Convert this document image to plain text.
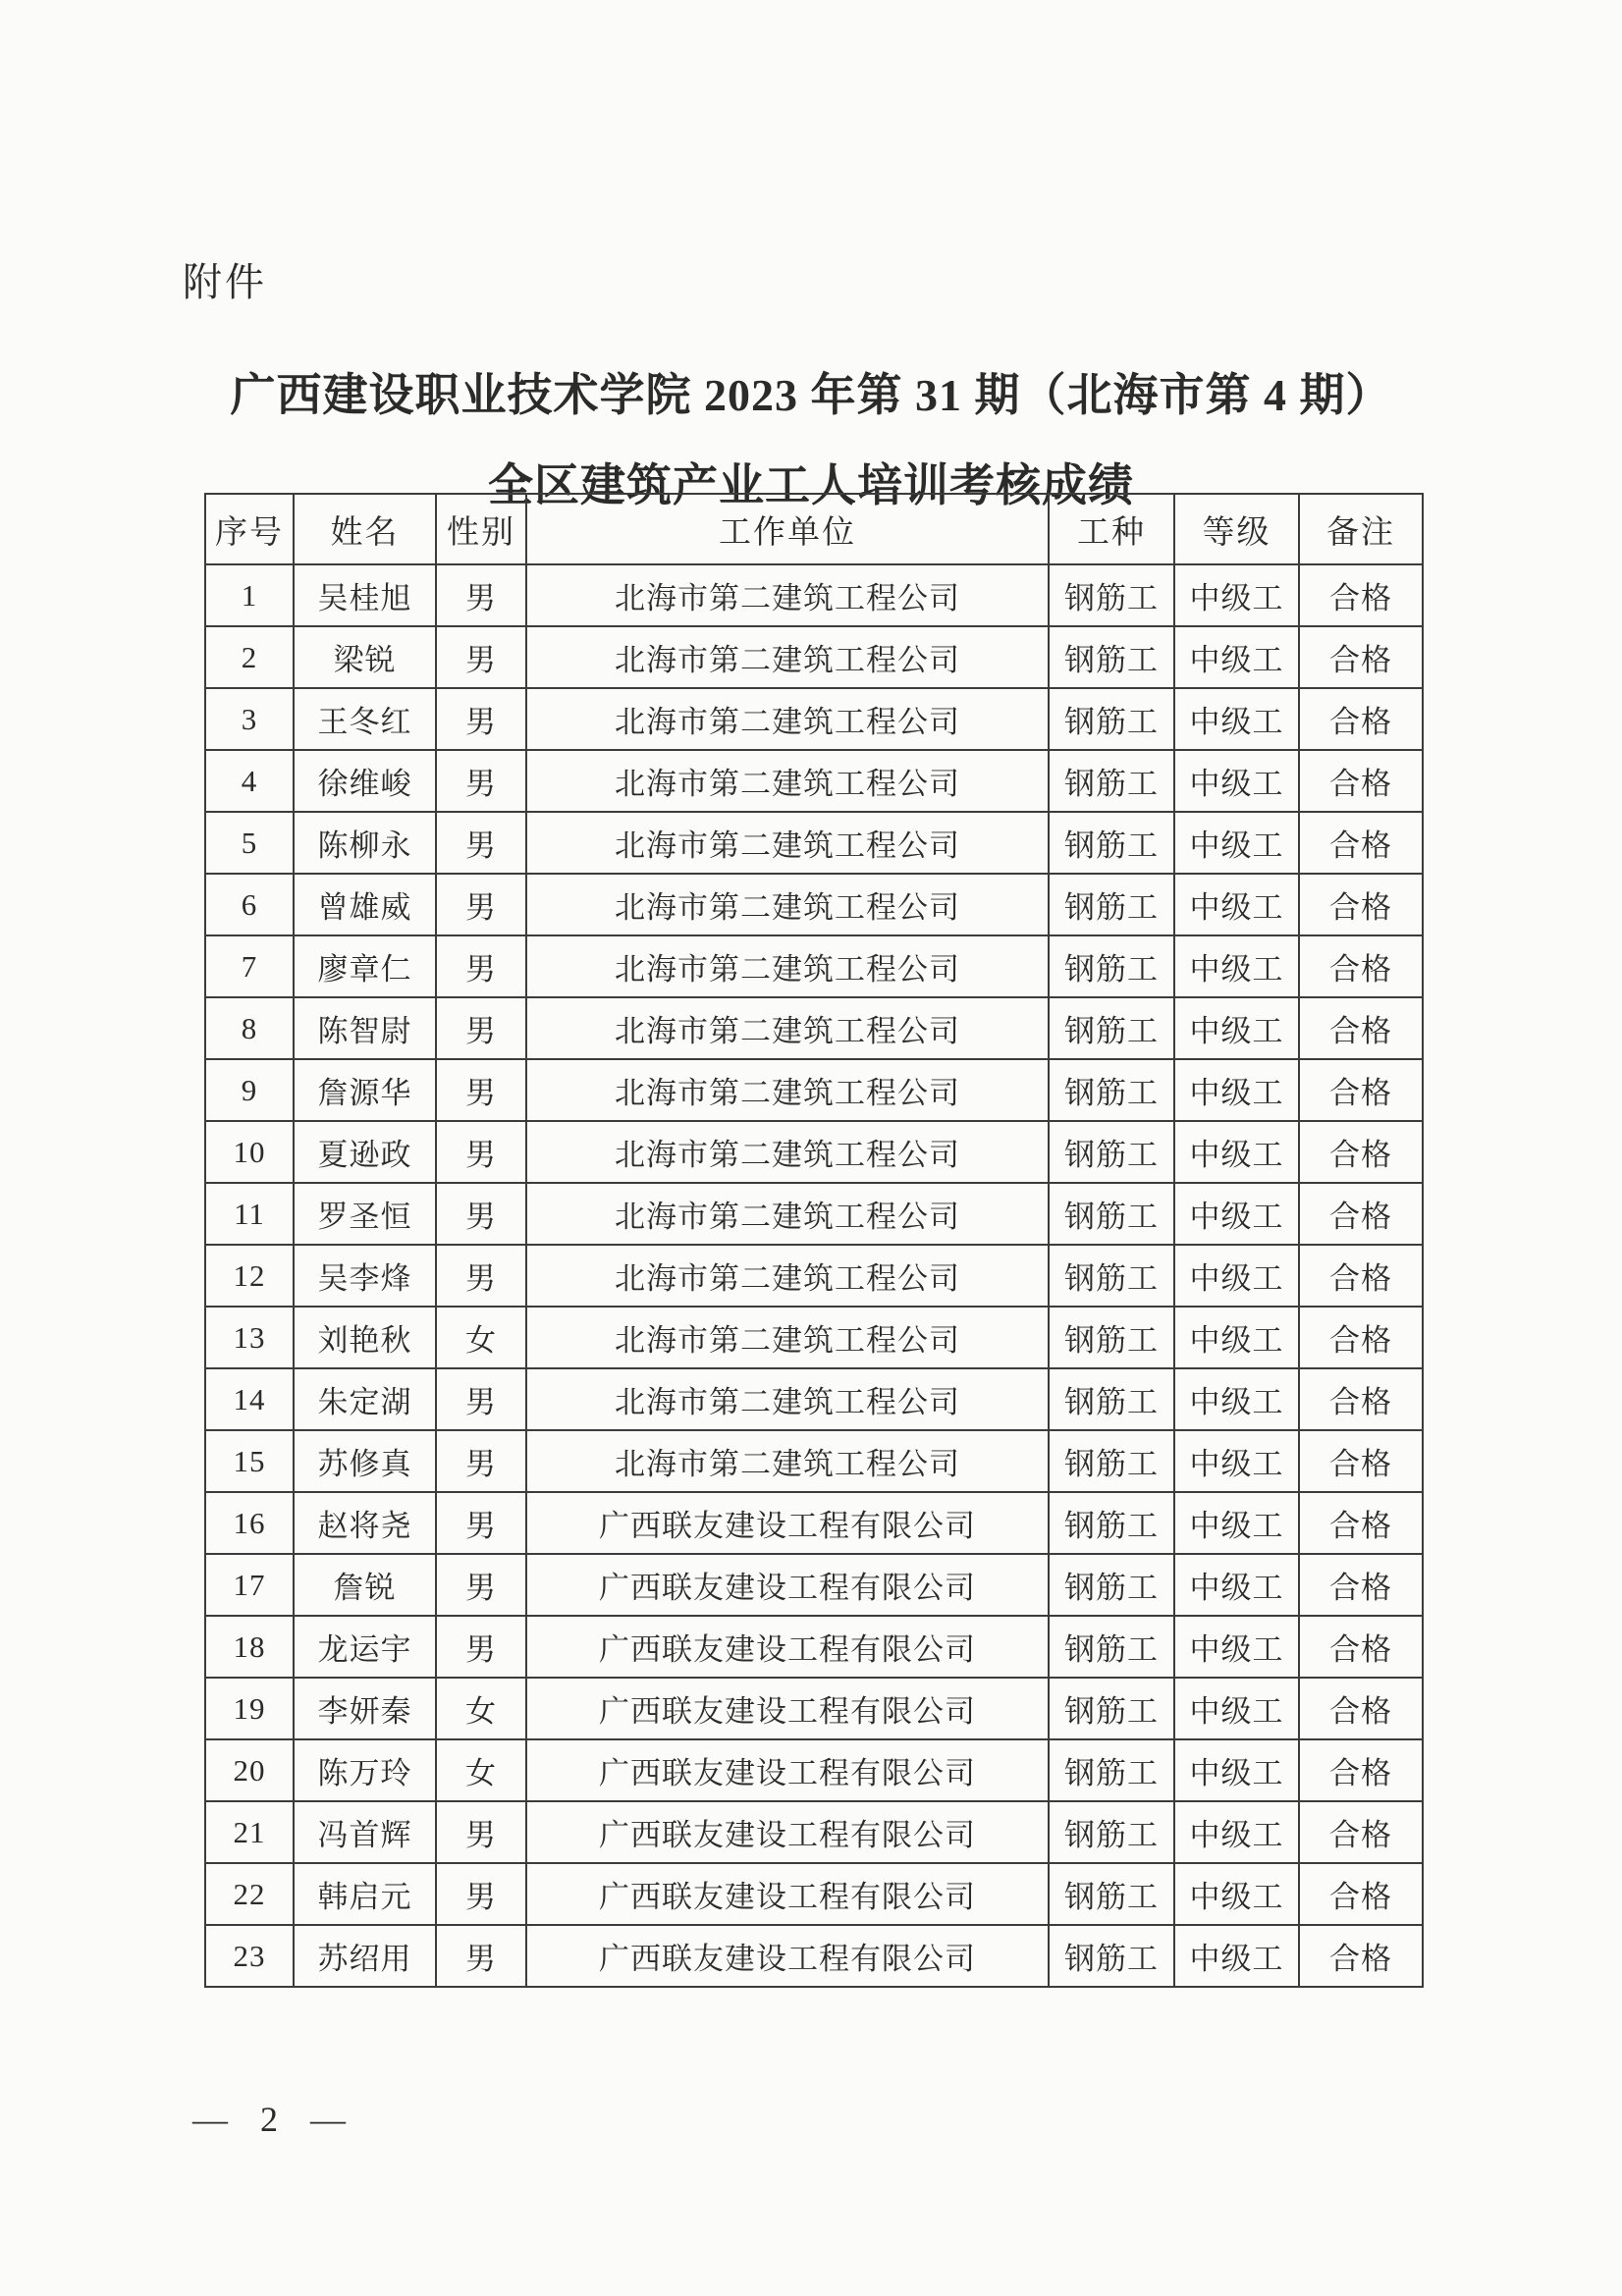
附件
广西建设职业技术学院 2023 年第 31 期（北海市第 4 期）
全区建筑产业工人培训考核成绩
序号	姓名	性别	工作单位	工种	等级	备注
1	吴桂旭	男	北海市第二建筑工程公司	钢筋工	中级工	合格
2	梁锐	男	北海市第二建筑工程公司	钢筋工	中级工	合格
3	王冬红	男	北海市第二建筑工程公司	钢筋工	中级工	合格
4	徐维峻	男	北海市第二建筑工程公司	钢筋工	中级工	合格
5	陈柳永	男	北海市第二建筑工程公司	钢筋工	中级工	合格
6	曾雄威	男	北海市第二建筑工程公司	钢筋工	中级工	合格
7	廖章仁	男	北海市第二建筑工程公司	钢筋工	中级工	合格
8	陈智尉	男	北海市第二建筑工程公司	钢筋工	中级工	合格
9	詹源华	男	北海市第二建筑工程公司	钢筋工	中级工	合格
10	夏逊政	男	北海市第二建筑工程公司	钢筋工	中级工	合格
11	罗圣恒	男	北海市第二建筑工程公司	钢筋工	中级工	合格
12	吴李烽	男	北海市第二建筑工程公司	钢筋工	中级工	合格
13	刘艳秋	女	北海市第二建筑工程公司	钢筋工	中级工	合格
14	朱定湖	男	北海市第二建筑工程公司	钢筋工	中级工	合格
15	苏修真	男	北海市第二建筑工程公司	钢筋工	中级工	合格
16	赵将尧	男	广西联友建设工程有限公司	钢筋工	中级工	合格
17	詹锐	男	广西联友建设工程有限公司	钢筋工	中级工	合格
18	龙运宇	男	广西联友建设工程有限公司	钢筋工	中级工	合格
19	李妍秦	女	广西联友建设工程有限公司	钢筋工	中级工	合格
20	陈万玲	女	广西联友建设工程有限公司	钢筋工	中级工	合格
21	冯首辉	男	广西联友建设工程有限公司	钢筋工	中级工	合格
22	韩启元	男	广西联友建设工程有限公司	钢筋工	中级工	合格
23	苏绍用	男	广西联友建设工程有限公司	钢筋工	中级工	合格
— 2 —
